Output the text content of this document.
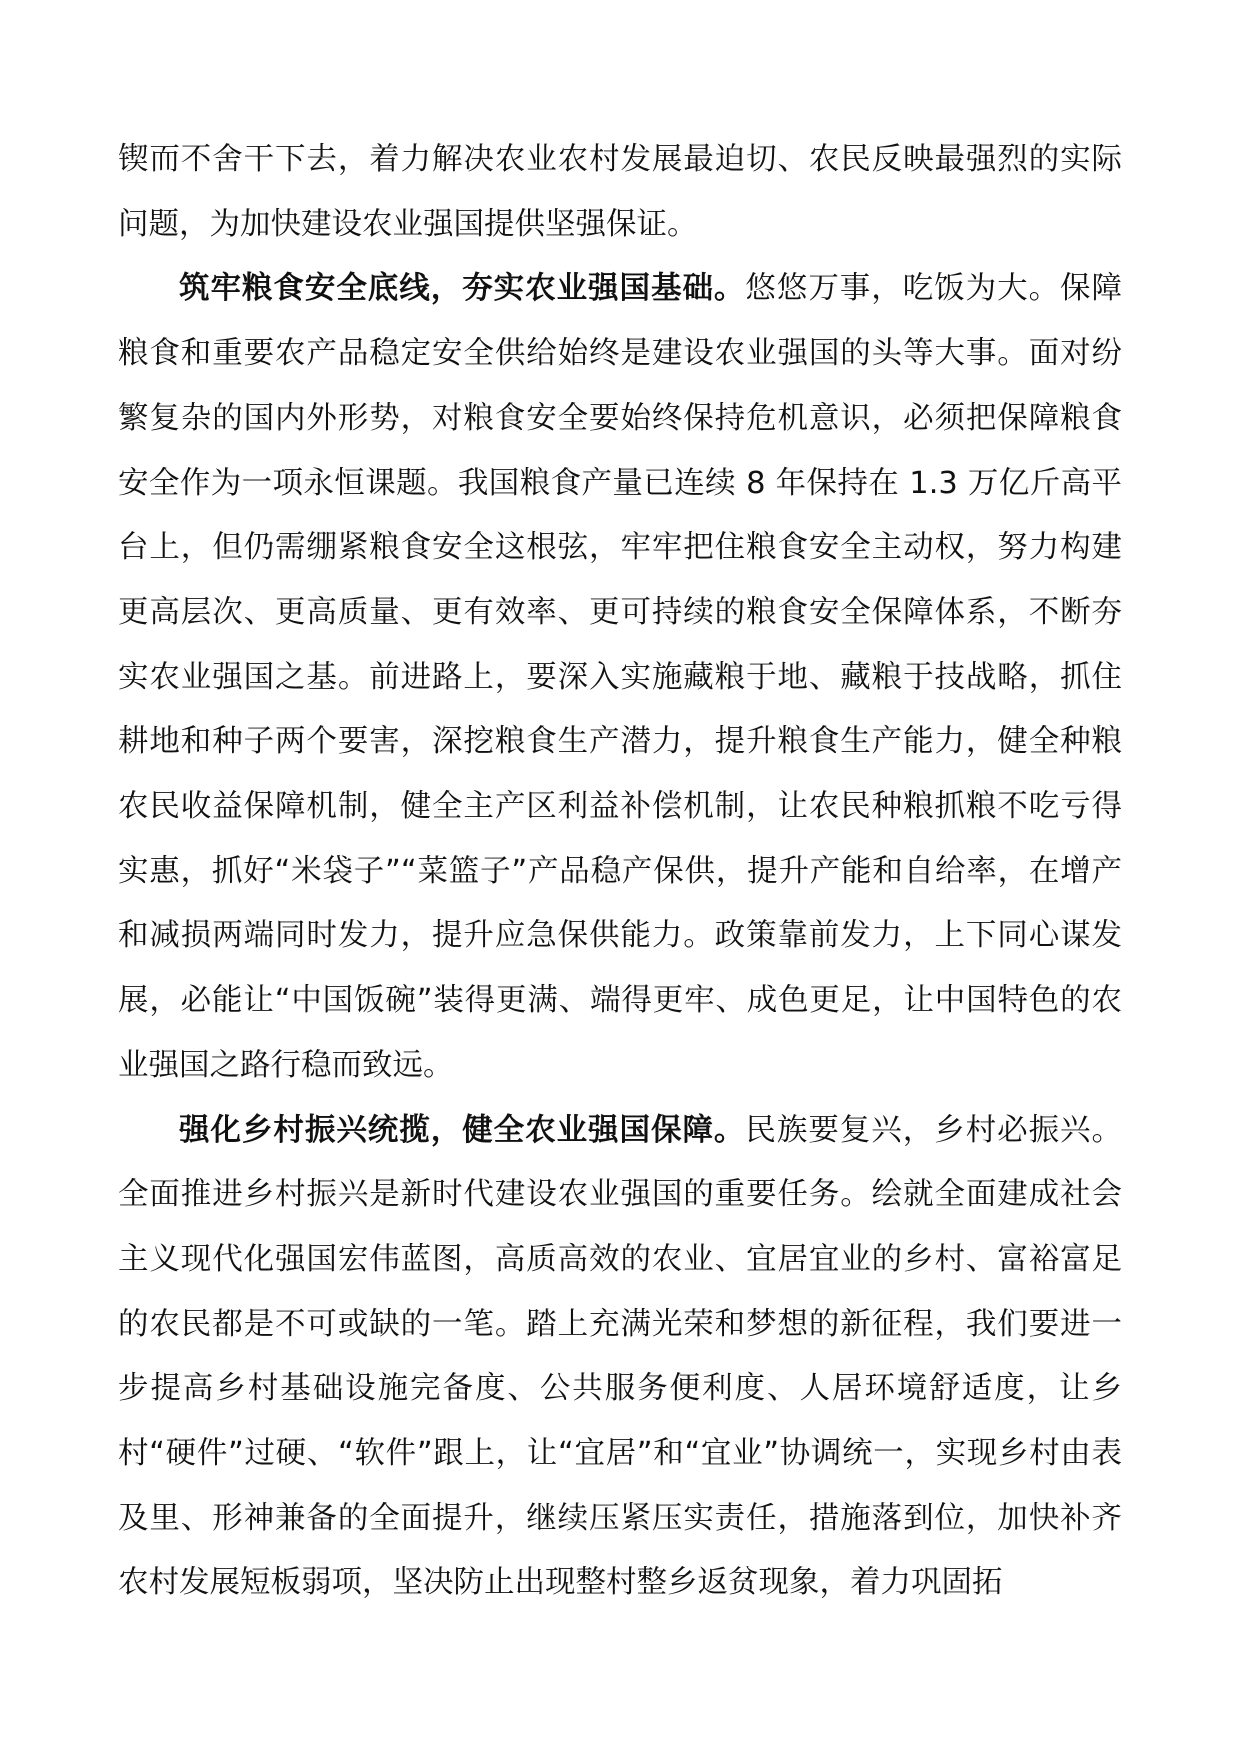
锲而不舍干下去，着力解决农业农村发展最迫切、农民反映最强烈的实际问题，为加快建设农业强国提供坚强保证。

筑牢粮食安全底线，夯实农业强国基础。悠悠万事，吃饭为大。保障粮食和重要农产品稳定安全供给始终是建设农业强国的头等大事。面对纷繁复杂的国内外形势，对粮食安全要始终保持危机意识，必须把保障粮食安全作为一项永恒课题。我国粮食产量已连续 8 年保持在 1.3 万亿斤高平台上，但仍需绷紧粮食安全这根弦，牢牢把住粮食安全主动权，努力构建更高层次、更高质量、更有效率、更可持续的粮食安全保障体系，不断夯实农业强国之基。前进路上，要深入实施藏粮于地、藏粮于技战略，抓住耕地和种子两个要害，深挖粮食生产潜力，提升粮食生产能力，健全种粮农民收益保障机制，健全主产区利益补偿机制，让农民种粮抓粮不吃亏得实惠，抓好“米袋子”“菜篮子”产品稳产保供，提升产能和自给率，在增产和减损两端同时发力，提升应急保供能力。政策靠前发力，上下同心谋发展，必能让“中国饭碗”装得更满、端得更牢、成色更足，让中国特色的农业强国之路行稳而致远。

强化乡村振兴统揽，健全农业强国保障。民族要复兴，乡村必振兴。全面推进乡村振兴是新时代建设农业强国的重要任务。绘就全面建成社会主义现代化强国宏伟蓝图，高质高效的农业、宜居宜业的乡村、富裕富足的农民都是不可或缺的一笔。踏上充满光荣和梦想的新征程，我们要进一步提高乡村基础设施完备度、公共服务便利度、人居环境舒适度，让乡村“硬件”过硬、“软件”跟上，让“宜居”和“宜业”协调统一，实现乡村由表及里、形神兼备的全面提升，继续压紧压实责任，措施落到位，加快补齐农村发展短板弱项，坚决防止出现整村整乡返贫现象，着力巩固拓
